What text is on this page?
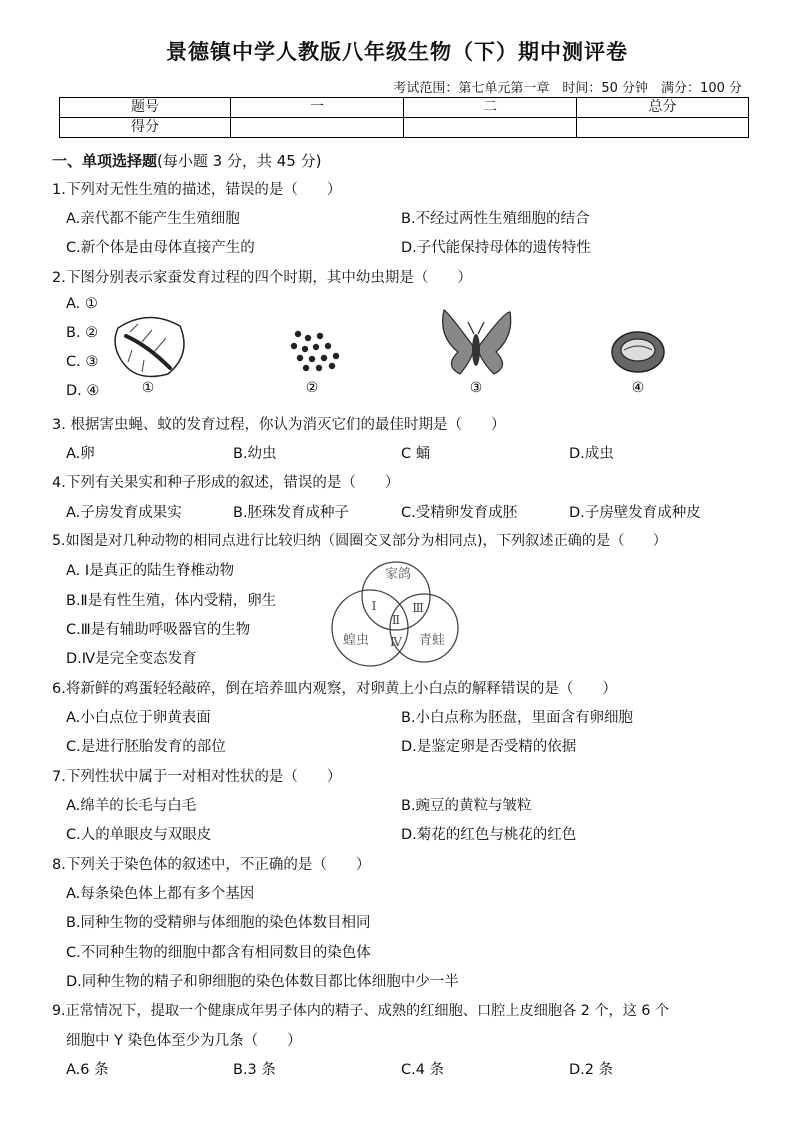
景德镇中学人教版八年级生物（下）期中测评卷
考试范围：第七单元第一章　时间：50 分钟　满分：100 分
题号	一	二	总分
得分			
一、单项选择题(每小题 3 分，共 45 分)
1.下列对无性生殖的描述，错误的是（　　）
A.亲代都不能产生生殖细胞	B.不经过两性生殖细胞的结合
C.新个体是由母体直接产生的	D.子代能保持母体的遗传特性
2.下图分别表示家蚕发育过程的四个时期，其中幼虫期是（　　）
A. ①
B. ②
C. ③
D. ④	①	②	③	④
3. 根据害虫蝇、蚊的发育过程，你认为消灭它们的最佳时期是（　　）
A.卵	B.幼虫	C 蛹	D.成虫
4.下列有关果实和种子形成的叙述，错误的是（　　）
A.子房发育成果实	B.胚珠发育成种子	C.受精卵发育成胚	D.子房壁发育成种皮
5.如图是对几种动物的相同点进行比较归纳（圆圈交叉部分为相同点)，下列叙述正确的是（　　）
A. Ⅰ是真正的陆生脊椎动物
B.Ⅱ是有性生殖，体内受精，卵生
C.Ⅲ是有辅助呼吸器官的生物
D.Ⅳ是完全变态发育
家鸽
蝗虫	青蛙
Ⅰ
Ⅱ
Ⅲ
Ⅳ
6.将新鲜的鸡蛋轻轻敲碎，倒在培养皿内观察，对卵黄上小白点的解释错误的是（　　）
A.小白点位于卵黄表面	B.小白点称为胚盘，里面含有卵细胞
C.是进行胚胎发育的部位	D.是鉴定卵是否受精的依据
7.下列性状中属于一对相对性状的是（　　）
A.绵羊的长毛与白毛	B.豌豆的黄粒与皱粒
C.人的单眼皮与双眼皮	D.菊花的红色与桃花的红色
8.下列关于染色体的叙述中，不正确的是（　　）
A.每条染色体上都有多个基因
B.同种生物的受精卵与体细胞的染色体数目相同
C.不同种生物的细胞中都含有相同数目的染色体
D.同种生物的精子和卵细胞的染色体数目都比体细胞中少一半
9.正常情况下，提取一个健康成年男子体内的精子、成熟的红细胞、口腔上皮细胞各 2 个，这 6 个
细胞中 Y 染色体至少为几条（　　）
A.6 条	B.3 条	C.4 条	D.2 条
